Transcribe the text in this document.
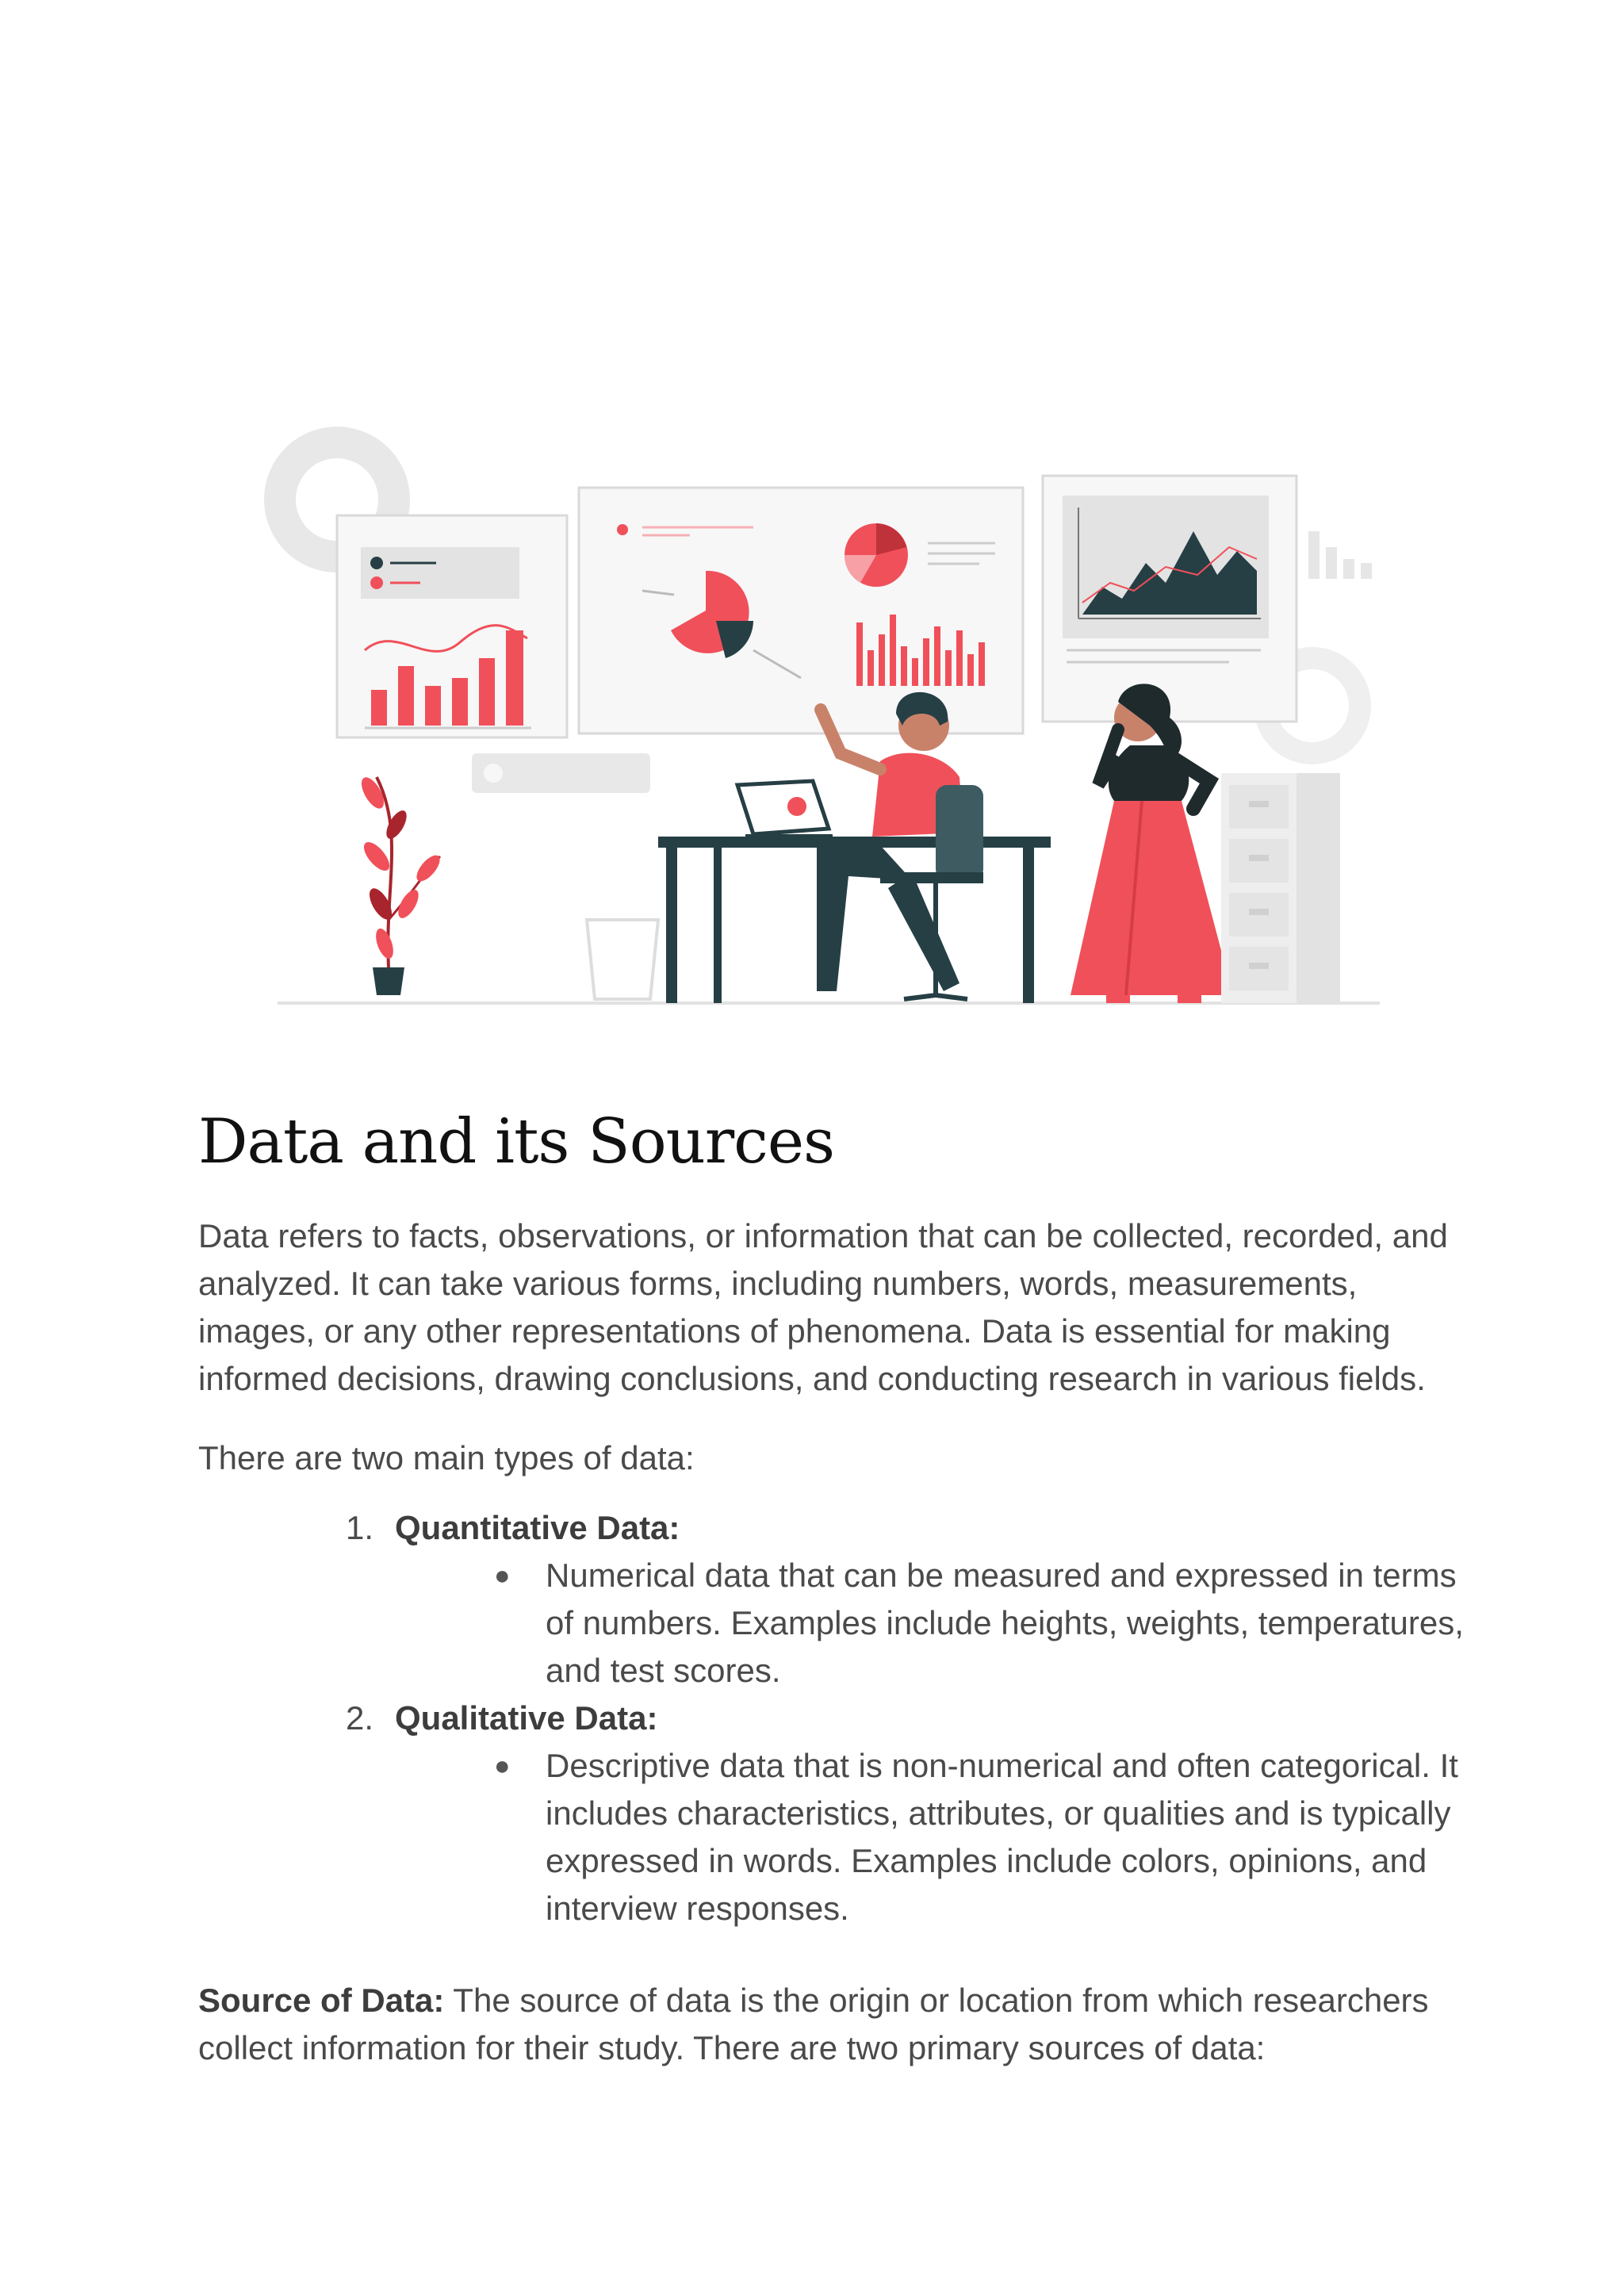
Data and its Sources

Data refers to facts, observations, or information that can be collected, recorded, and analyzed. It can take various forms, including numbers, words, measurements, images, or any other representations of phenomena. Data is essential for making informed decisions, drawing conclusions, and conducting research in various fields.

There are two main types of data:

1. Quantitative Data:
● Numerical data that can be measured and expressed in terms of numbers. Examples include heights, weights, temperatures, and test scores.
2. Qualitative Data:
● Descriptive data that is non-numerical and often categorical. It includes characteristics, attributes, or qualities and is typically expressed in words. Examples include colors, opinions, and interview responses.

Source of Data: The source of data is the origin or location from which researchers collect information for their study. There are two primary sources of data:
